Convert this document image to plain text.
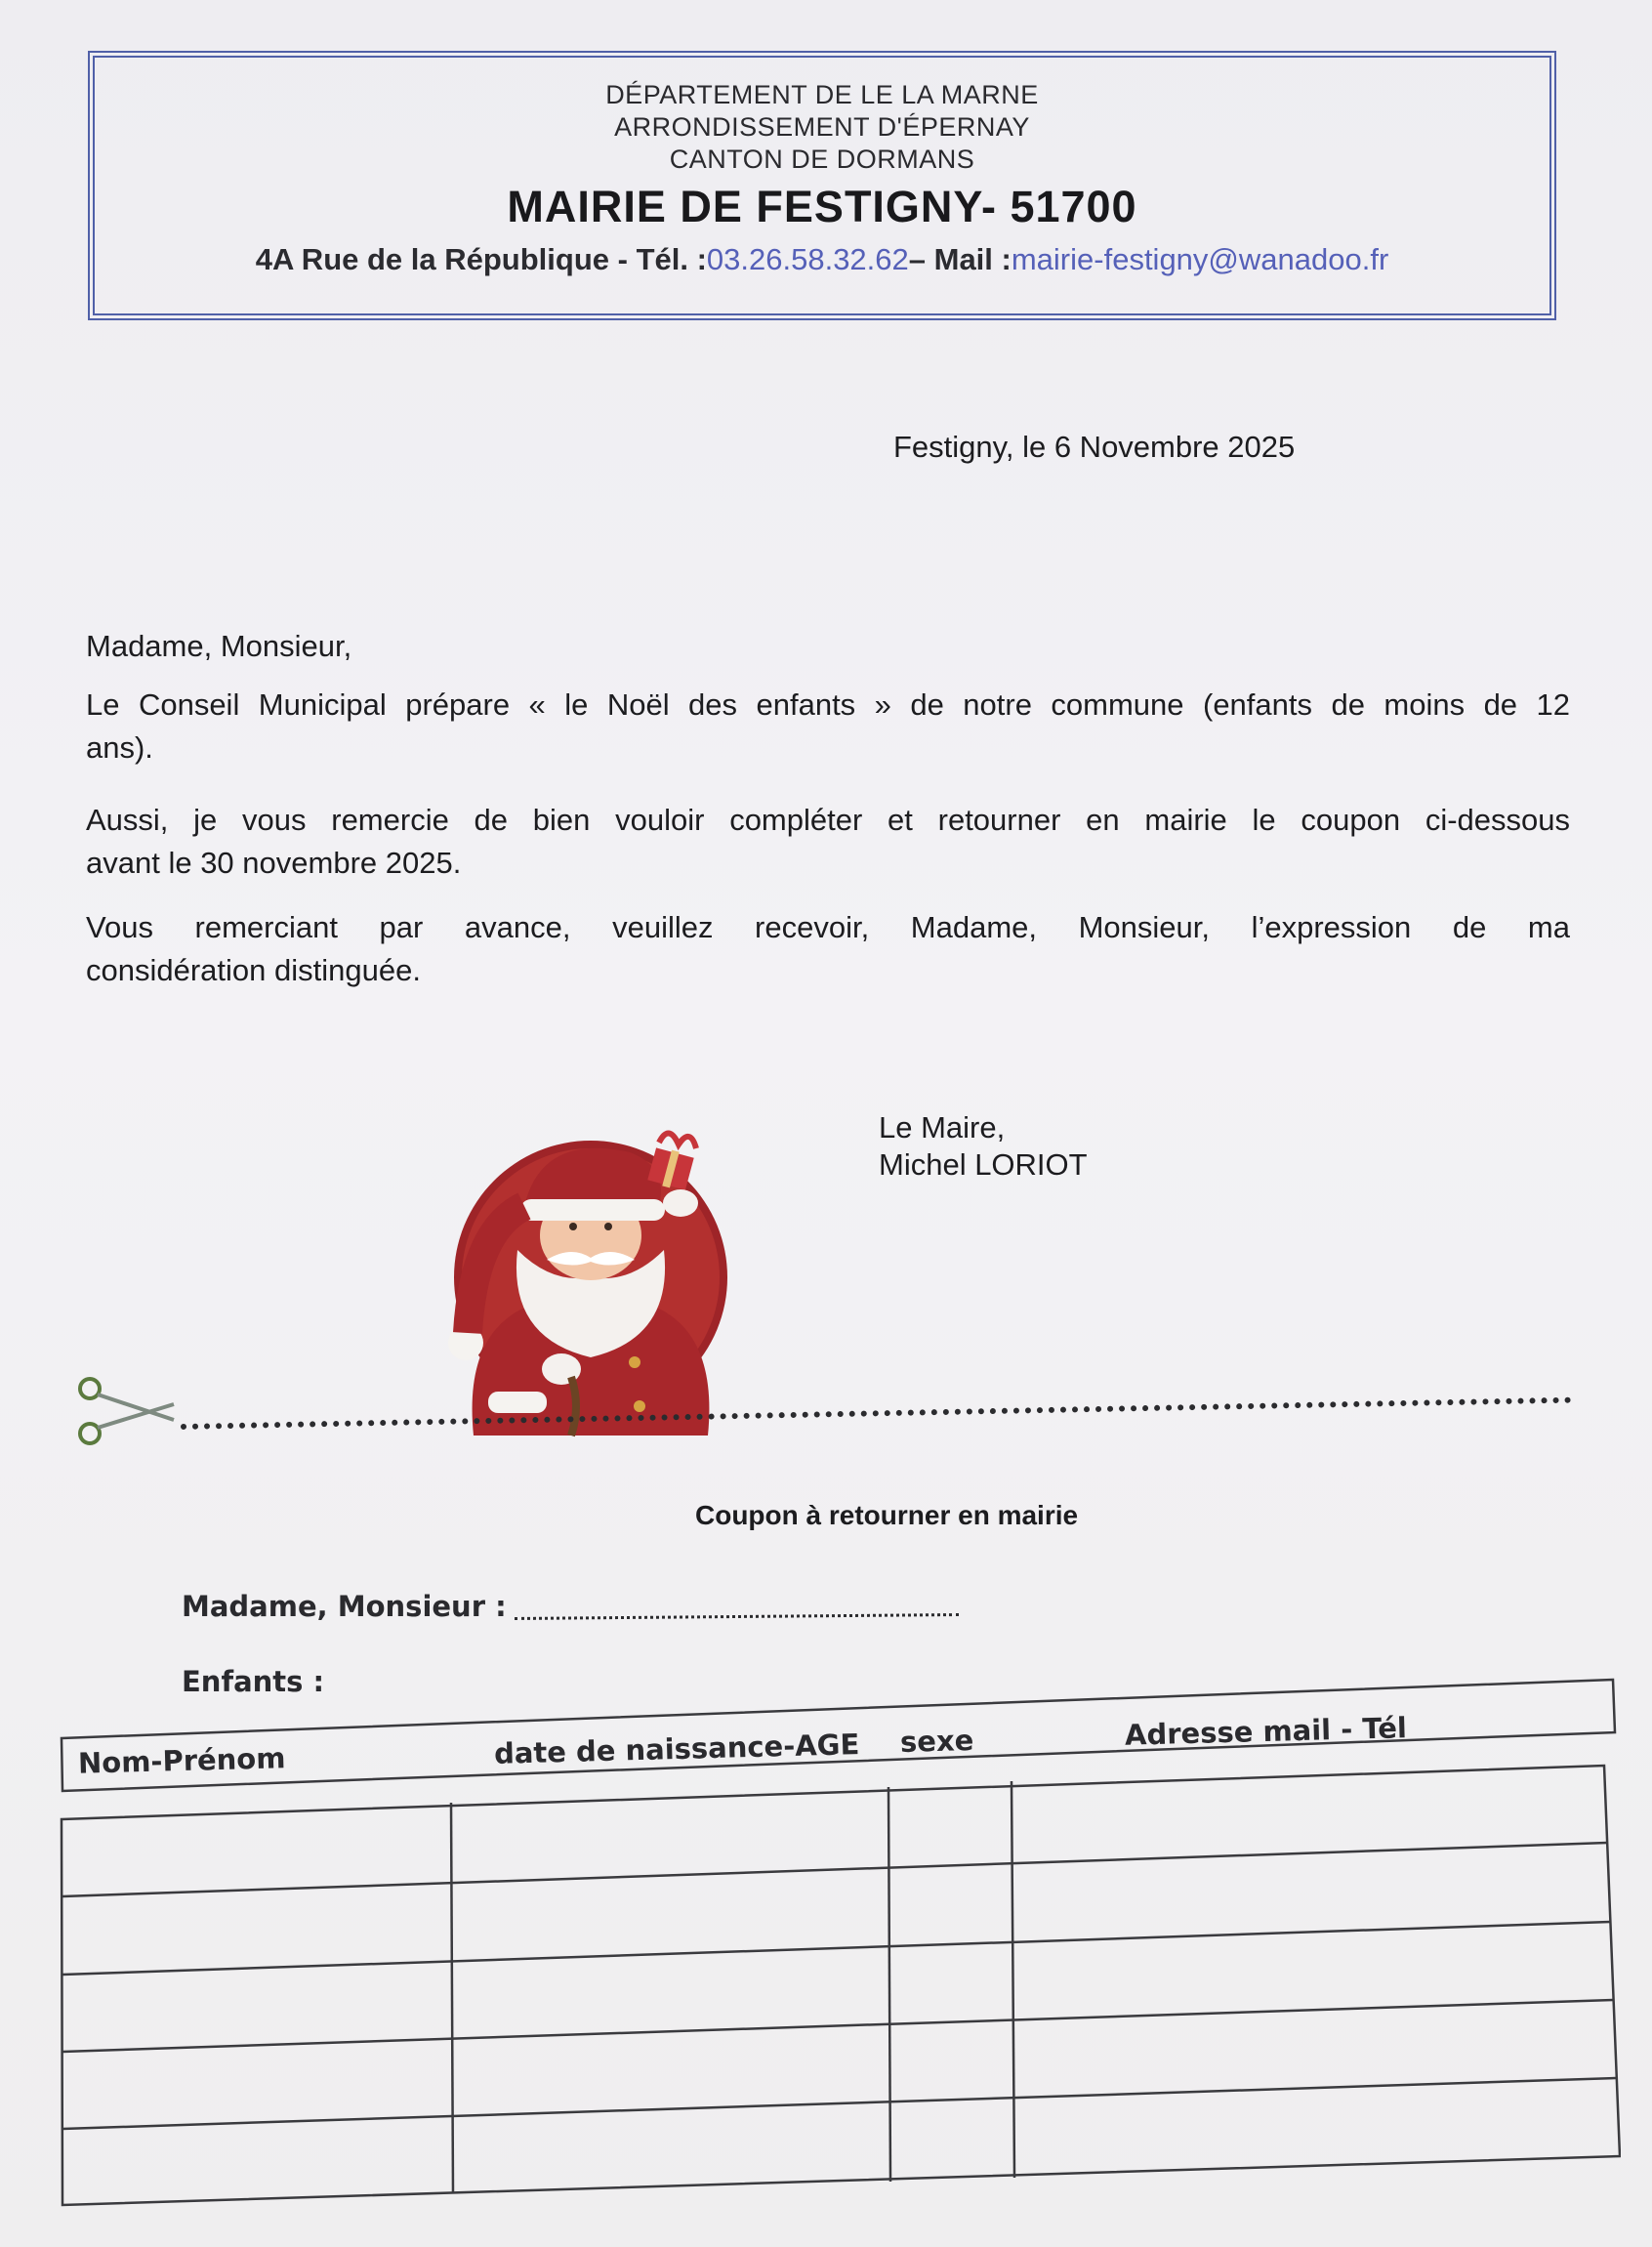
DÉPARTEMENT DE LE LA MARNE
ARRONDISSEMENT D'ÉPERNAY
CANTON DE DORMANS
MAIRIE DE FESTIGNY- 51700
4A Rue de la République - Tél. :03.26.58.32.62– Mail :mairie-festigny@wanadoo.fr
Festigny, le 6 Novembre 2025
Madame, Monsieur,
Le Conseil Municipal prépare « le Noël des enfants » de notre commune (enfants de moins de 12
ans).
Aussi, je vous remercie de bien vouloir compléter et retourner en mairie le coupon ci-dessous
avant le 30 novembre 2025.
Vous remerciant par avance, veuillez recevoir, Madame, Monsieur, l’expression de ma
considération distinguée.
Le Maire,
Michel LORIOT
Coupon à retourner en mairie
Madame, Monsieur :
Enfants :
Nom-Prénom	date de naissance-AGE sexe	Adresse mail - Tél
